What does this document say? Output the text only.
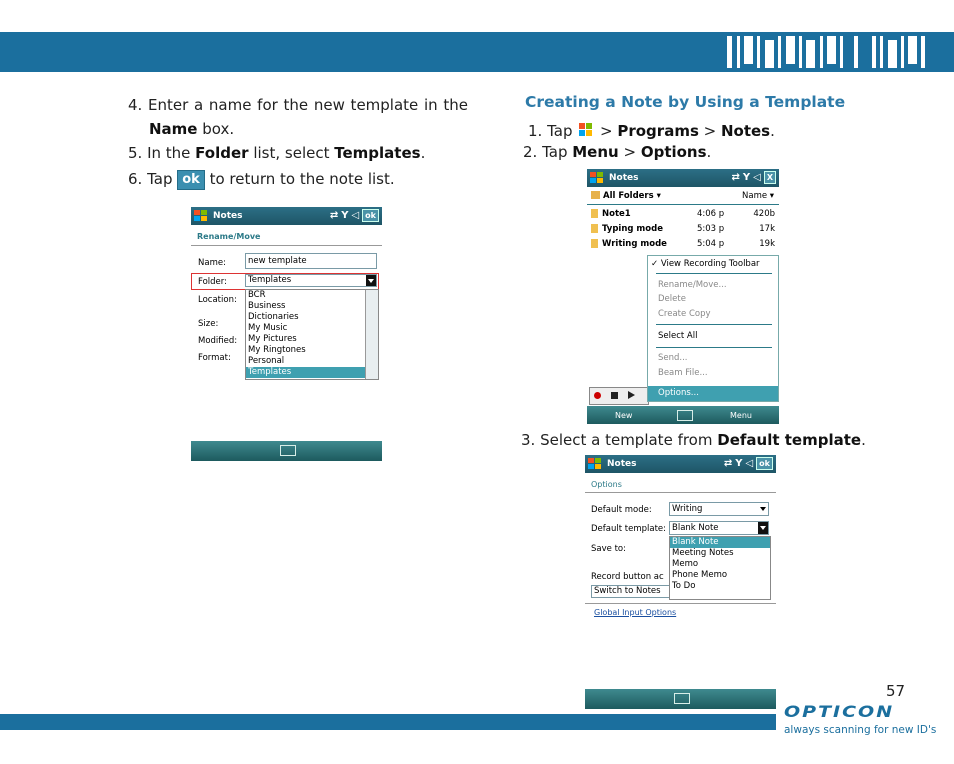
4. Enter a name for the new template in the
Name box.
5. In the Folder list, select Templates.
6. Tap ok to return to the note list.
Notes	⇄Y◁ ok
Rename/Move
Name:	new template
Folder:	Templates
Location:
Size:
Modified:
Format:
BCR
Business
Dictionaries
My Music
My Pictures
My Ringtones
Personal
Templates
Creating a Note by Using a Template
1. Tap  > Programs > Notes.
2. Tap Menu > Options.
Notes	⇄Y◁ X
All Folders ▾	Name ▾
Note1	4:06 p	420b
Typing mode	5:03 p	17k
Writing mode	5:04 p	19k
✓ View Recording Toolbar
Rename/Move...
Delete
Create Copy
Select All
Send...
Beam File...
Options...
New	Menu
3. Select a template from Default template.
Notes	⇄Y◁ ok
Options
Default mode:	Writing
Default template: Blank Note
Save to:
Record button ac
Switch to Notes
Blank Note
Meeting Notes
Memo
Phone Memo
To Do
Global Input Options
57
OPTICON
always scanning for new ID's
